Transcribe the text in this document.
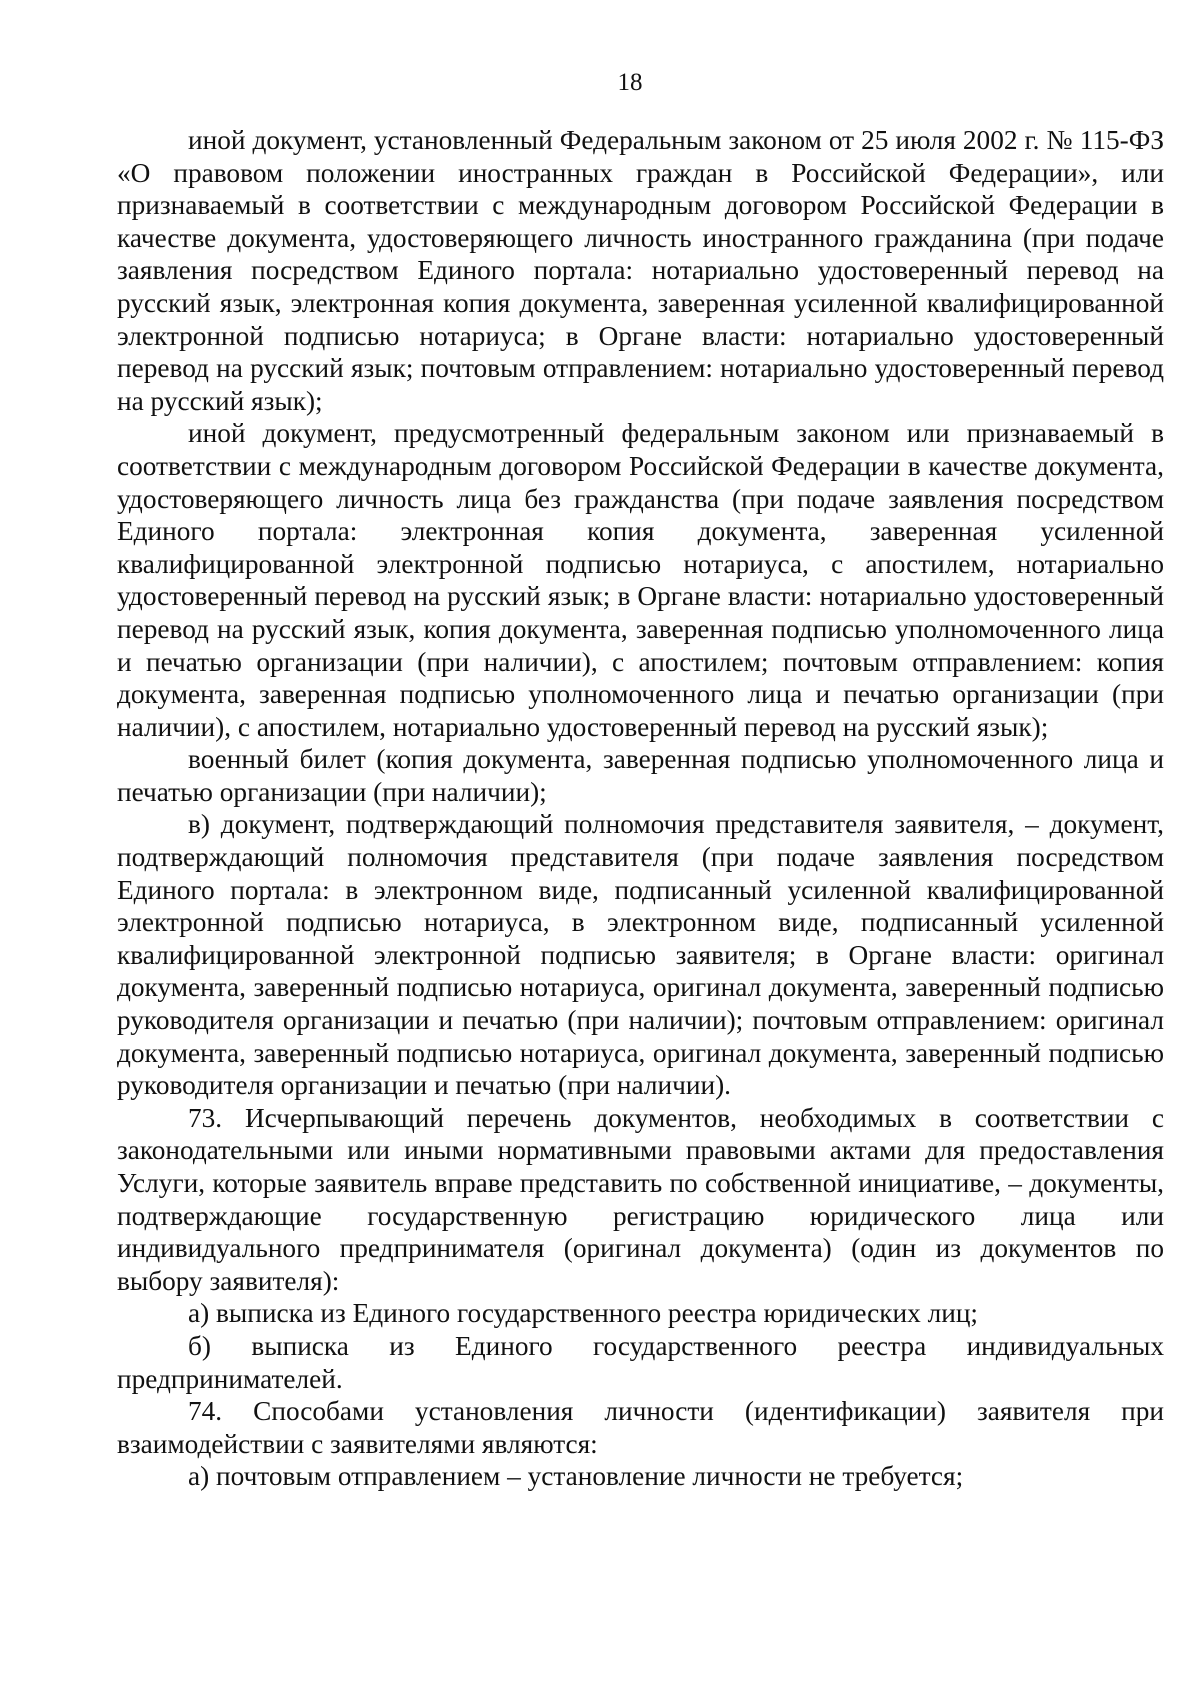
18

иной документ, установленный Федеральным законом от 25 июля 2002 г. № 115-ФЗ «О правовом положении иностранных граждан в Российской Федерации», или признаваемый в соответствии с международным договором Российской Федерации в качестве документа, удостоверяющего личность иностранного гражданина (при подаче заявления посредством Единого портала: нотариально удостоверенный перевод на русский язык, электронная копия документа, заверенная усиленной квалифицированной электронной подписью нотариуса; в Органе власти: нотариально удостоверенный перевод на русский язык; почтовым отправлением: нотариально удостоверенный перевод на русский язык);

иной документ, предусмотренный федеральным законом или признаваемый в соответствии с международным договором Российской Федерации в качестве документа, удостоверяющего личность лица без гражданства (при подаче заявления посредством Единого портала: электронная копия документа, заверенная усиленной квалифицированной электронной подписью нотариуса, с апостилем, нотариально удостоверенный перевод на русский язык; в Органе власти: нотариально удостоверенный перевод на русский язык, копия документа, заверенная подписью уполномоченного лица и печатью организации (при наличии), с апостилем; почтовым отправлением: копия документа, заверенная подписью уполномоченного лица и печатью организации (при наличии), с апостилем, нотариально удостоверенный перевод на русский язык);

военный билет (копия документа, заверенная подписью уполномоченного лица и печатью организации (при наличии);

в) документ, подтверждающий полномочия представителя заявителя, – документ, подтверждающий полномочия представителя (при подаче заявления посредством Единого портала: в электронном виде, подписанный усиленной квалифицированной электронной подписью нотариуса, в электронном виде, подписанный усиленной квалифицированной электронной подписью заявителя; в Органе власти: оригинал документа, заверенный подписью нотариуса, оригинал документа, заверенный подписью руководителя организации и печатью (при наличии); почтовым отправлением: оригинал документа, заверенный подписью нотариуса, оригинал документа, заверенный подписью руководителя организации и печатью (при наличии).

73. Исчерпывающий перечень документов, необходимых в соответствии с законодательными или иными нормативными правовыми актами для предоставления Услуги, которые заявитель вправе представить по собственной инициативе, – документы, подтверждающие государственную регистрацию юридического лица или индивидуального предпринимателя (оригинал документа) (один из документов по выбору заявителя):

а) выписка из Единого государственного реестра юридических лиц;

б) выписка из Единого государственного реестра индивидуальных предпринимателей.

74. Способами установления личности (идентификации) заявителя при взаимодействии с заявителями являются:

а) почтовым отправлением – установление личности не требуется;
